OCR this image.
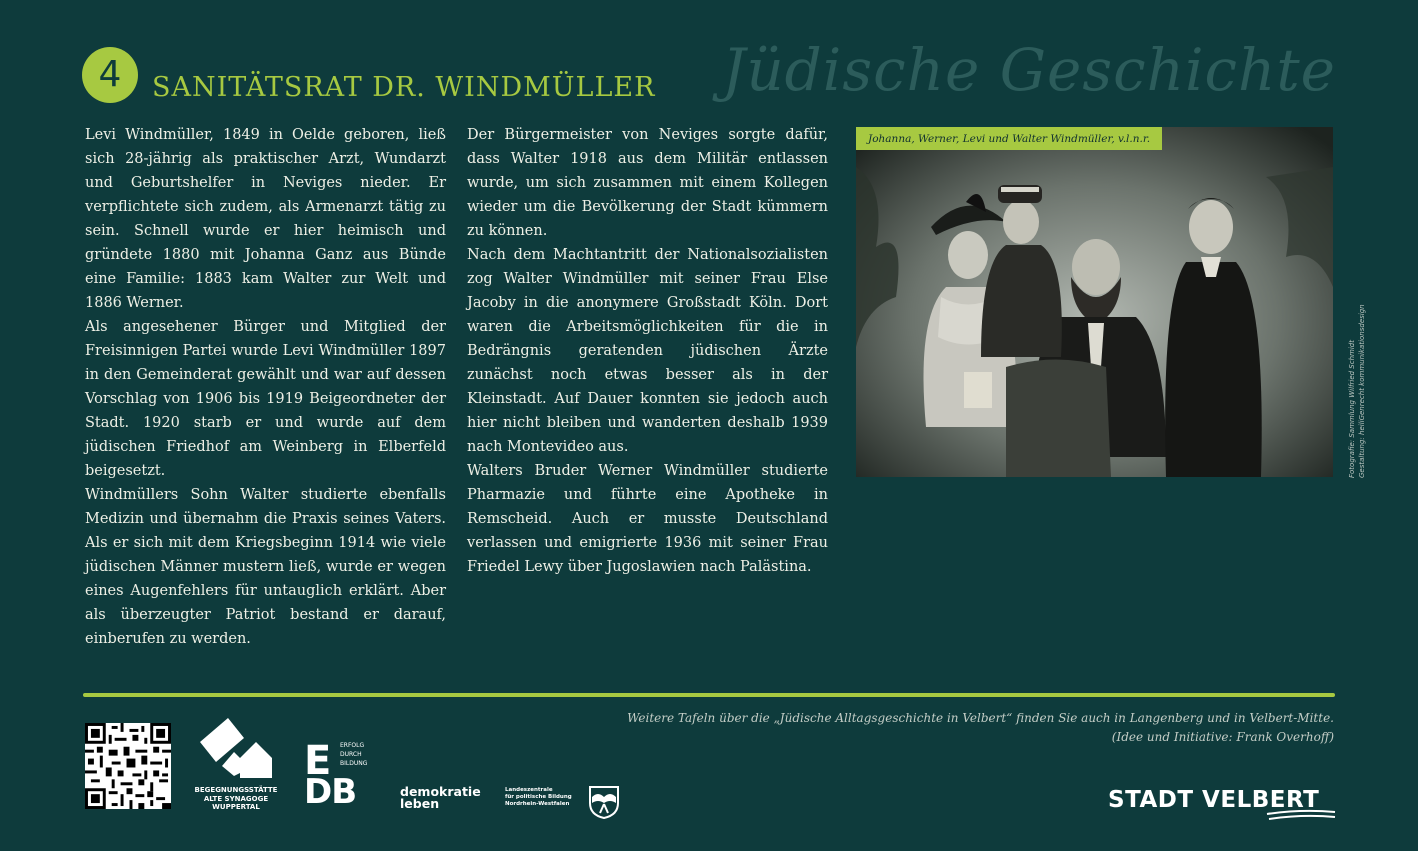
4	SANITÄTSRAT DR. WINDMÜLLER Jüdische Geschichte

Levi Windmüller, 1849 in Oelde geboren, ließ sich 28-jährig als praktischer Arzt, Wundarzt und Geburtshelfer in Neviges nieder. Er verpflichtete sich zudem, als Armenarzt tätig zu sein. Schnell wurde er hier heimisch und gründete 1880 mit Johanna Ganz aus Bünde eine Familie: 1883 kam Walter zur Welt und 1886 Werner.

Als angesehener Bürger und Mitglied der Freisinnigen Partei wurde Levi Windmüller 1897 in den Gemeinderat gewählt und war auf dessen Vorschlag von 1906 bis 1919 Beigeordneter der Stadt. 1920 starb er und wurde auf dem jüdischen Friedhof am Weinberg in Elberfeld beigesetzt.

Windmüllers Sohn Walter studierte ebenfalls Medizin und übernahm die Praxis seines Vaters. Als er sich mit dem Kriegsbeginn 1914 wie viele jüdischen Männer mustern ließ, wurde er wegen eines Augenfehlers für untauglich erklärt. Aber als überzeugter Patriot bestand er darauf, einberufen zu werden.

Der Bürgermeister von Neviges sorgte dafür, dass Walter 1918 aus dem Militär entlassen wurde, um sich zusammen mit einem Kollegen wieder um die Bevölkerung der Stadt kümmern zu können.

Nach dem Machtantritt der Nationalsozialisten zog Walter Windmüller mit seiner Frau Else Jacoby in die anonymere Großstadt Köln. Dort waren die Arbeitsmöglichkeiten für die in Bedrängnis geratenden jüdischen Ärzte zunächst noch etwas besser als in der Kleinstadt. Auf Dauer konnten sie jedoch auch hier nicht bleiben und wanderten deshalb 1939 nach Montevideo aus.

Walters Bruder Werner Windmüller studierte Pharmazie und führte eine Apotheke in Remscheid. Auch er musste Deutschland verlassen und emigrierte 1936 mit seiner Frau Friedel Lewy über Jugoslawien nach Palästina.

Johanna, Werner, Levi und Walter Windmüller, v.l.n.r.
Fotografie: Sammlung Wilfried Schmidt Gestaltung: heiliGenrecht kommunikationsdesign
Weitere Tafeln über die „Jüdische Alltagsgeschichte in Velbert“ finden Sie auch in Langenberg und in Velbert-Mitte.
(Idee und Initiative: Frank Overhoff)
BEGEGNUNGSSTÄTTE
ALTE SYNAGOGE
WUPPERTAL
E
DB
ERFOLG
DURCH
BILDUNG
demokratie
leben
Landeszentrale
für politische Bildung
Nordrhein-Westfalen	STADT VELBERT
